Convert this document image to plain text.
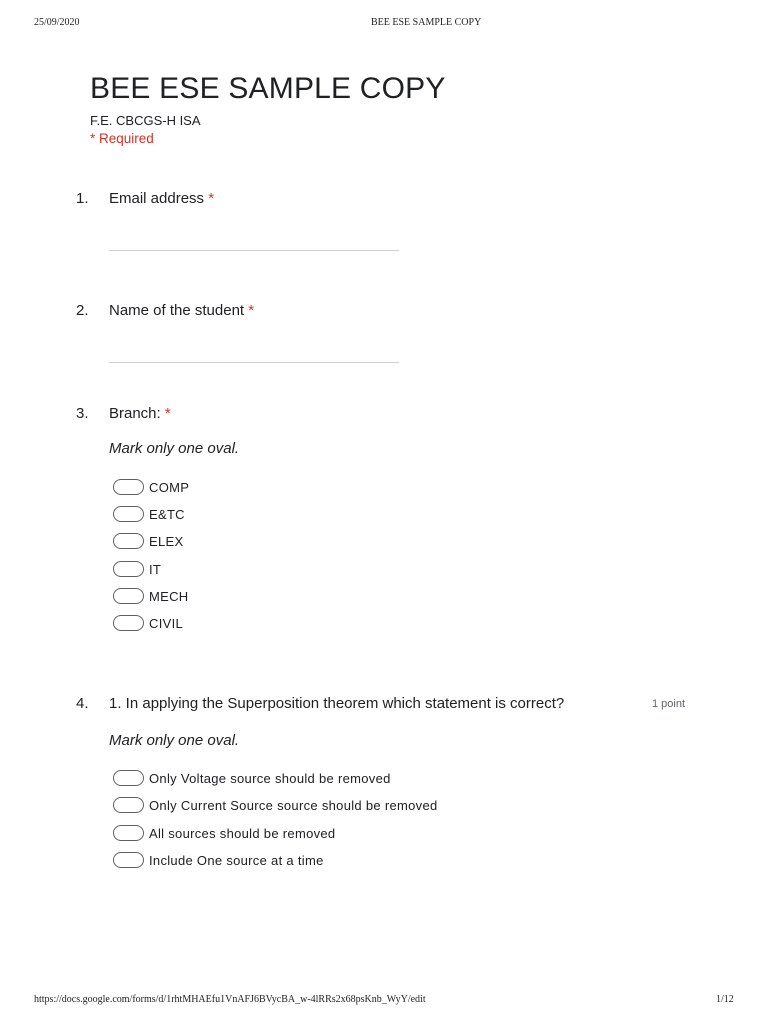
25/09/2020	BEE ESE SAMPLE COPY
BEE ESE SAMPLE COPY
F.E. CBCGS-H ISA
* Required
1. Email address *
2. Name of the student *
3. Branch: *
Mark only one oval.
COMP
E&TC
ELEX
IT
MECH
CIVIL
4. 1. In applying the Superposition theorem which statement is correct?	1 point
Mark only one oval.
Only Voltage source should be removed
Only Current Source source should be removed
All sources should be removed
Include One source at a time
https://docs.google.com/forms/d/1rhtMHAEfu1VnAFJ6BVycBA_w-4lRRs2x68psKnb_WyY/edit	1/12
